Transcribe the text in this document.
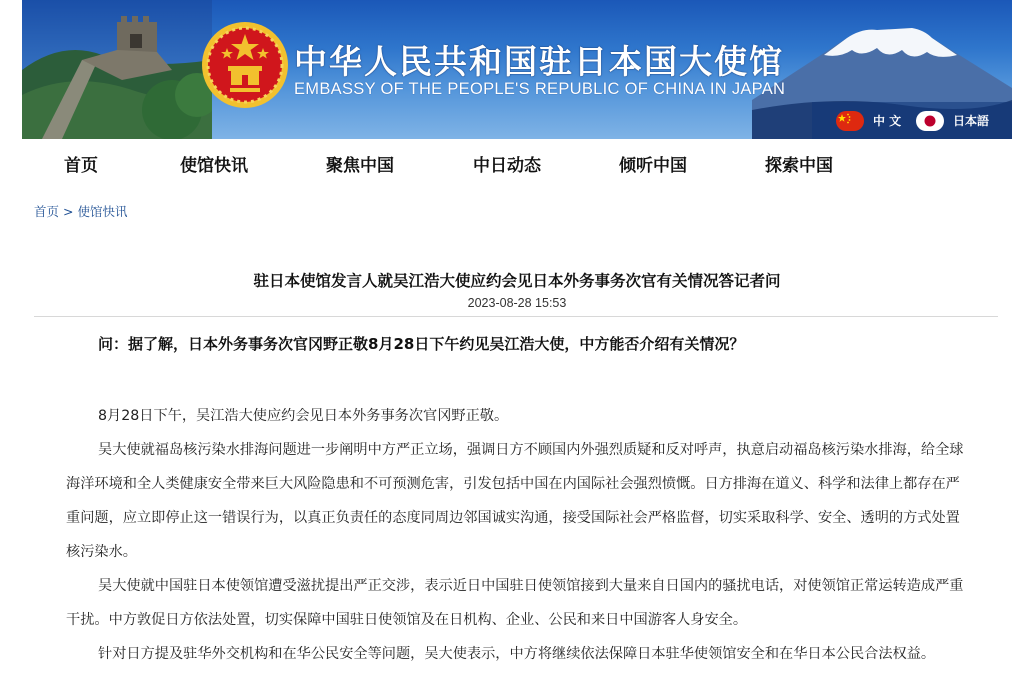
中华人民共和国驻日本国大使馆
EMBASSY OF THE PEOPLE'S REPUBLIC OF CHINA IN JAPAN
中 文	日本語
首页	使馆快讯	聚焦中国	中日动态	倾听中国	探索中国
首页 > 使馆快讯
驻日本使馆发言人就吴江浩大使应约会见日本外务事务次官有关情况答记者问
2023-08-28 15:53
问：据了解，日本外务事务次官冈野正敬8月28日下午约见吴江浩大使，中方能否介绍有关情况？

8月28日下午，吴江浩大使应约会见日本外务事务次官冈野正敬。

吴大使就福岛核污染水排海问题进一步阐明中方严正立场，强调日方不顾国内外强烈质疑和反对呼声，执意启动福岛核污染水排海，给全球海洋环境和全人类健康安全带来巨大风险隐患和不可预测危害，引发包括中国在内国际社会强烈愤慨。日方排海在道义、科学和法律上都存在严重问题，应立即停止这一错误行为，以真正负责任的态度同周边邻国诚实沟通，接受国际社会严格监督，切实采取科学、安全、透明的方式处置核污染水。

吴大使就中国驻日本使领馆遭受滋扰提出严正交涉，表示近日中国驻日使领馆接到大量来自日国内的骚扰电话，对使领馆正常运转造成严重干扰。中方敦促日方依法处置，切实保障中国驻日使领馆及在日机构、企业、公民和来日中国游客人身安全。

针对日方提及驻华外交机构和在华公民安全等问题，吴大使表示，中方将继续依法保障日本驻华使领馆安全和在华日本公民合法权益。
